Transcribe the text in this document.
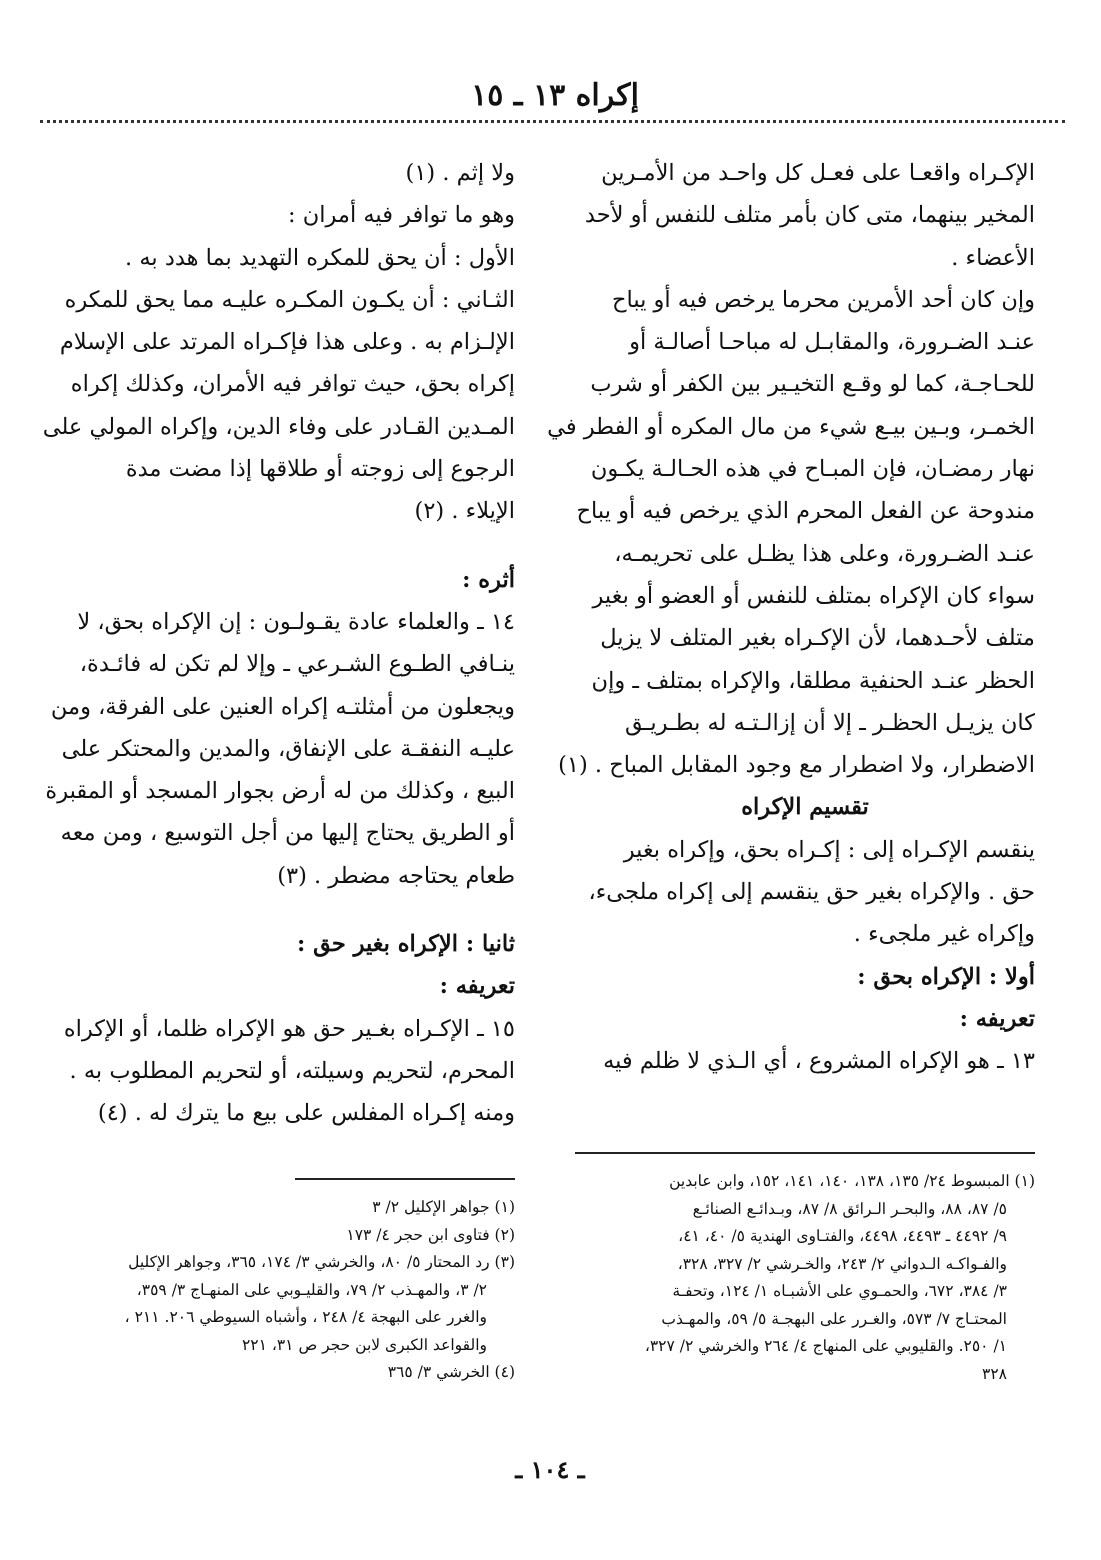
إكراه ١٣ ـ ١٥
الإكـراه واقعـا على فعـل كل واحـد من الأمـرين
المخير بينهما، متى كان بأمر متلف للنفس أو لأحد
الأعضاء .
وإن كان أحد الأمرين محرما يرخص فيه أو يباح
عنـد الضـرورة، والمقابـل له مباحـا أصالـة أو
للحـاجـة، كما لو وقـع التخيـير بين الكفر أو شرب
الخمـر، وبـين بيـع شيء من مال المكره أو الفطر في
نهار رمضـان، فإن المبـاح في هذه الحـالـة يكـون
مندوحة عن الفعل المحرم الذي يرخص فيه أو يباح
عنـد الضـرورة، وعلى هذا يظـل على تحريمـه،
سواء كان الإكراه بمتلف للنفس أو العضو أو بغير
متلف لأحـدهما، لأن الإكـراه بغير المتلف لا يزيل
الحظر عنـد الحنفية مطلقا، والإكراه بمتلف ـ وإن
كان يزيـل الحظـر ـ إلا أن إزالـتـه له بطـريـق
الاضطرار، ولا اضطرار مع وجود المقابل المباح . (١)
تقسيم الإكراه
ينقسم الإكـراه إلى : إكـراه بحق، وإكراه بغير
حق . والإكراه بغير حق ينقسم إلى إكراه ملجىء،
وإكراه غير ملجىء .
أولا : الإكراه بحق :
تعريفه :
١٣ ـ هو الإكراه المشروع ، أي الـذي لا ظلم فيه
ولا إثم . (١)
وهو ما توافر فيه أمران :
الأول : أن يحق للمكره التهديد بما هدد به .
الثـاني : أن يكـون المكـره عليـه مما يحق للمكره
الإلـزام به . وعلى هذا فإكـراه المرتد على الإسلام
إكراه بحق، حيث توافر فيه الأمران، وكذلك إكراه
المـدين القـادر على وفاء الدين، وإكراه المولي على
الرجوع إلى زوجته أو طلاقها إذا مضت مدة
الإيلاء . (٢)
أثره :
١٤ ـ والعلماء عادة يقـولـون : إن الإكراه بحق، لا
ينـافي الطـوع الشـرعي ـ وإلا لم تكن له فائـدة،
ويجعلون من أمثلتـه إكراه العنين على الفرقة، ومن
عليـه النفقـة على الإنفاق، والمدين والمحتكر على
البيع ، وكذلك من له أرض بجوار المسجد أو المقبرة
أو الطريق يحتاج إليها من أجل التوسيع ، ومن معه
طعام يحتاجه مضطر . (٣)
ثانيا : الإكراه بغير حق :
تعريفه :
١٥ ـ الإكـراه بغـير حق هو الإكراه ظلما، أو الإكراه
المحرم، لتحريم وسيلته، أو لتحريم المطلوب به .
ومنه إكـراه المفلس على بيع ما يترك له . (٤)
(١) المبسوط ٢٤/ ١٣٥، ١٣٨، ١٤٠، ١٤١، ١٥٢، وابن عابدين
٥/ ٨٧، ٨٨، والبحـر الـرائق ٨/ ٨٧، وبـدائـع الصنائـع
٩/ ٤٤٩٢ ـ ٤٤٩٣، ٤٤٩٨، والفتـاوى الهندية ٥/ ٤٠، ٤١،
والفـواكـه الـدواني ٢/ ٢٤٣، والخـرشي ٢/ ٣٢٧، ٣٢٨،
٣/ ٣٨٤، ٦٧٢، والحمـوي على الأشبـاه ١/ ١٢٤، وتحفـة
المحتـاج ٧/ ٥٧٣، والغـرر على البهجـة ٥/ ٥٩، والمهـذب
١/ ٢٥٠. والقليوبي على المنهاج ٤/ ٢٦٤ والخرشي ٢/ ٣٢٧،
٣٢٨
(١) جواهر الإكليل ٢/ ٣
(٢) فتاوى ابن حجر ٤/ ١٧٣
(٣) رد المحتار ٥/ ٨٠، والخرشي ٣/ ١٧٤، ٣٦٥، وجواهر الإكليل
٢/ ٣، والمهـذب ٢/ ٧٩، والقليـوبي على المنهـاج ٣/ ٣٥٩،
والغرر على البهجة ٤/ ٢٤٨ ، وأشباه السيوطي ٢٠٦. ٢١١ ،
والقواعد الكبرى لابن حجر ص ٣١، ٢٢١
(٤) الخرشي ٣/ ٣٦٥
ـ ١٠٤ ـ
